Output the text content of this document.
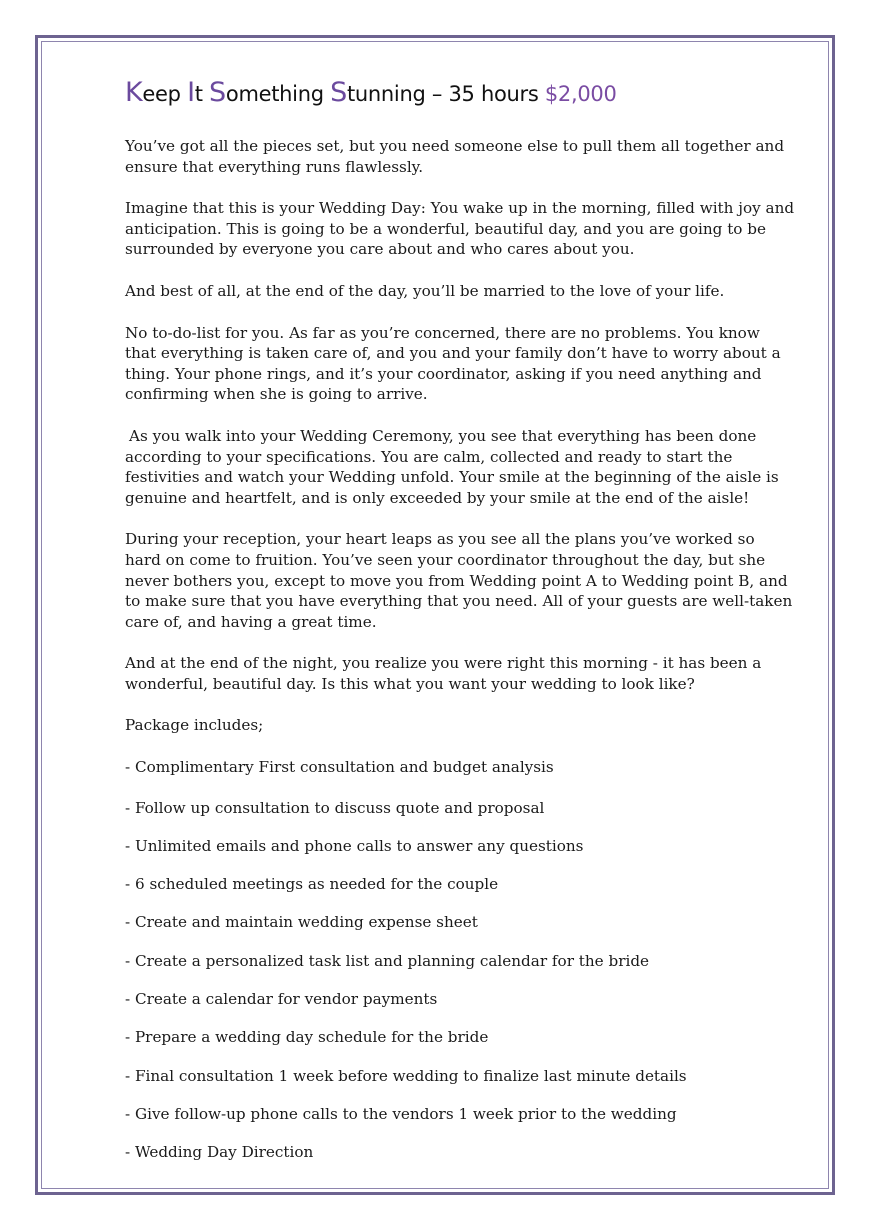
Keep It Something Stunning – 35 hours $2,000

You’ve got all the pieces set, but you need someone else to pull them all together and ensure that everything runs flawlessly.

Imagine that this is your Wedding Day: You wake up in the morning, filled with joy and anticipation. This is going to be a wonderful, beautiful day, and you are going to be surrounded by everyone you care about and who cares about you.

And best of all, at the end of the day, you’ll be married to the love of your life.

No to-do-list for you. As far as you’re concerned, there are no problems. You know that everything is taken care of, and you and your family don’t have to worry about a thing. Your phone rings, and it’s your coordinator, asking if you need anything and confirming when she is going to arrive.

As you walk into your Wedding Ceremony, you see that everything has been done according to your specifications. You are calm, collected and ready to start the festivities and watch your Wedding unfold. Your smile at the beginning of the aisle is genuine and heartfelt, and is only exceeded by your smile at the end of the aisle!

During your reception, your heart leaps as you see all the plans you’ve worked so hard on come to fruition. You’ve seen your coordinator throughout the day, but she never bothers you, except to move you from Wedding point A to Wedding point B, and to make sure that you have everything that you need. All of your guests are well-taken care of, and having a great time.

And at the end of the night, you realize you were right this morning - it has been a wonderful, beautiful day. Is this what you want your wedding to look like?

Package includes;
- Complimentary First consultation and budget analysis
- Follow up consultation to discuss quote and proposal
- Unlimited emails and phone calls to answer any questions
- 6 scheduled meetings as needed for the couple
- Create and maintain wedding expense sheet
- Create a personalized task list and planning calendar for the bride
- Create a calendar for vendor payments
- Prepare a wedding day schedule for the bride
- Final consultation 1 week before wedding to finalize last minute details
- Give follow-up phone calls to the vendors 1 week prior to the wedding
- Wedding Day Direction
